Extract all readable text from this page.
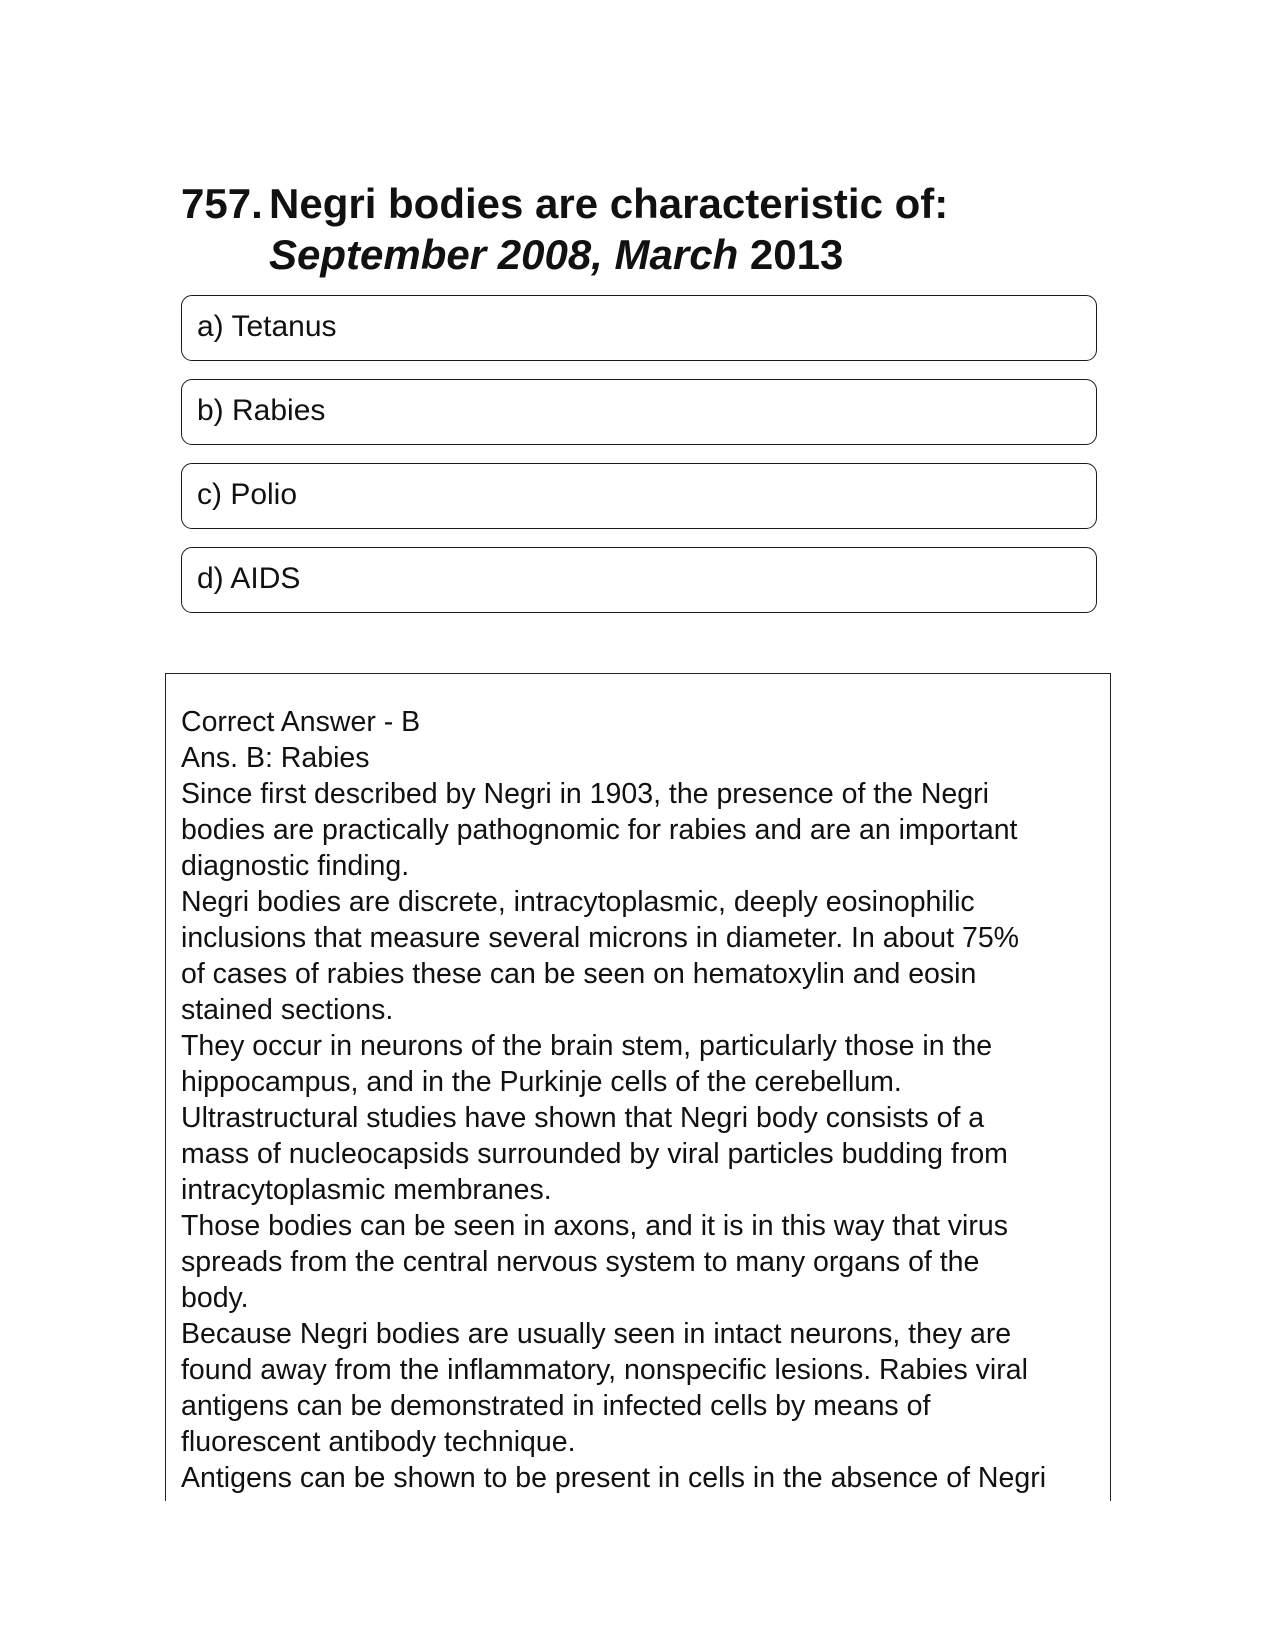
757. Negri bodies are characteristic of:
September 2008, March 2013
a) Tetanus
b) Rabies
c) Polio
d) AIDS
Correct Answer - B
Ans. B: Rabies
Since first described by Negri in 1903, the presence of the Negri
bodies are practically pathognomic for rabies and are an important
diagnostic finding.
Negri bodies are discrete, intracytoplasmic, deeply eosinophilic
inclusions that measure several microns in diameter. In about 75%
of cases of rabies these can be seen on hematoxylin and eosin
stained sections.
They occur in neurons of the brain stem, particularly those in the
hippocampus, and in the Purkinje cells of the cerebellum.
Ultrastructural studies have shown that Negri body consists of a
mass of nucleocapsids surrounded by viral particles budding from
intracytoplasmic membranes.
Those bodies can be seen in axons, and it is in this way that virus
spreads from the central nervous system to many organs of the
body.
Because Negri bodies are usually seen in intact neurons, they are
found away from the inflammatory, nonspecific lesions. Rabies viral
antigens can be demonstrated in infected cells by means of
fluorescent antibody technique.
Antigens can be shown to be present in cells in the absence of Negri
